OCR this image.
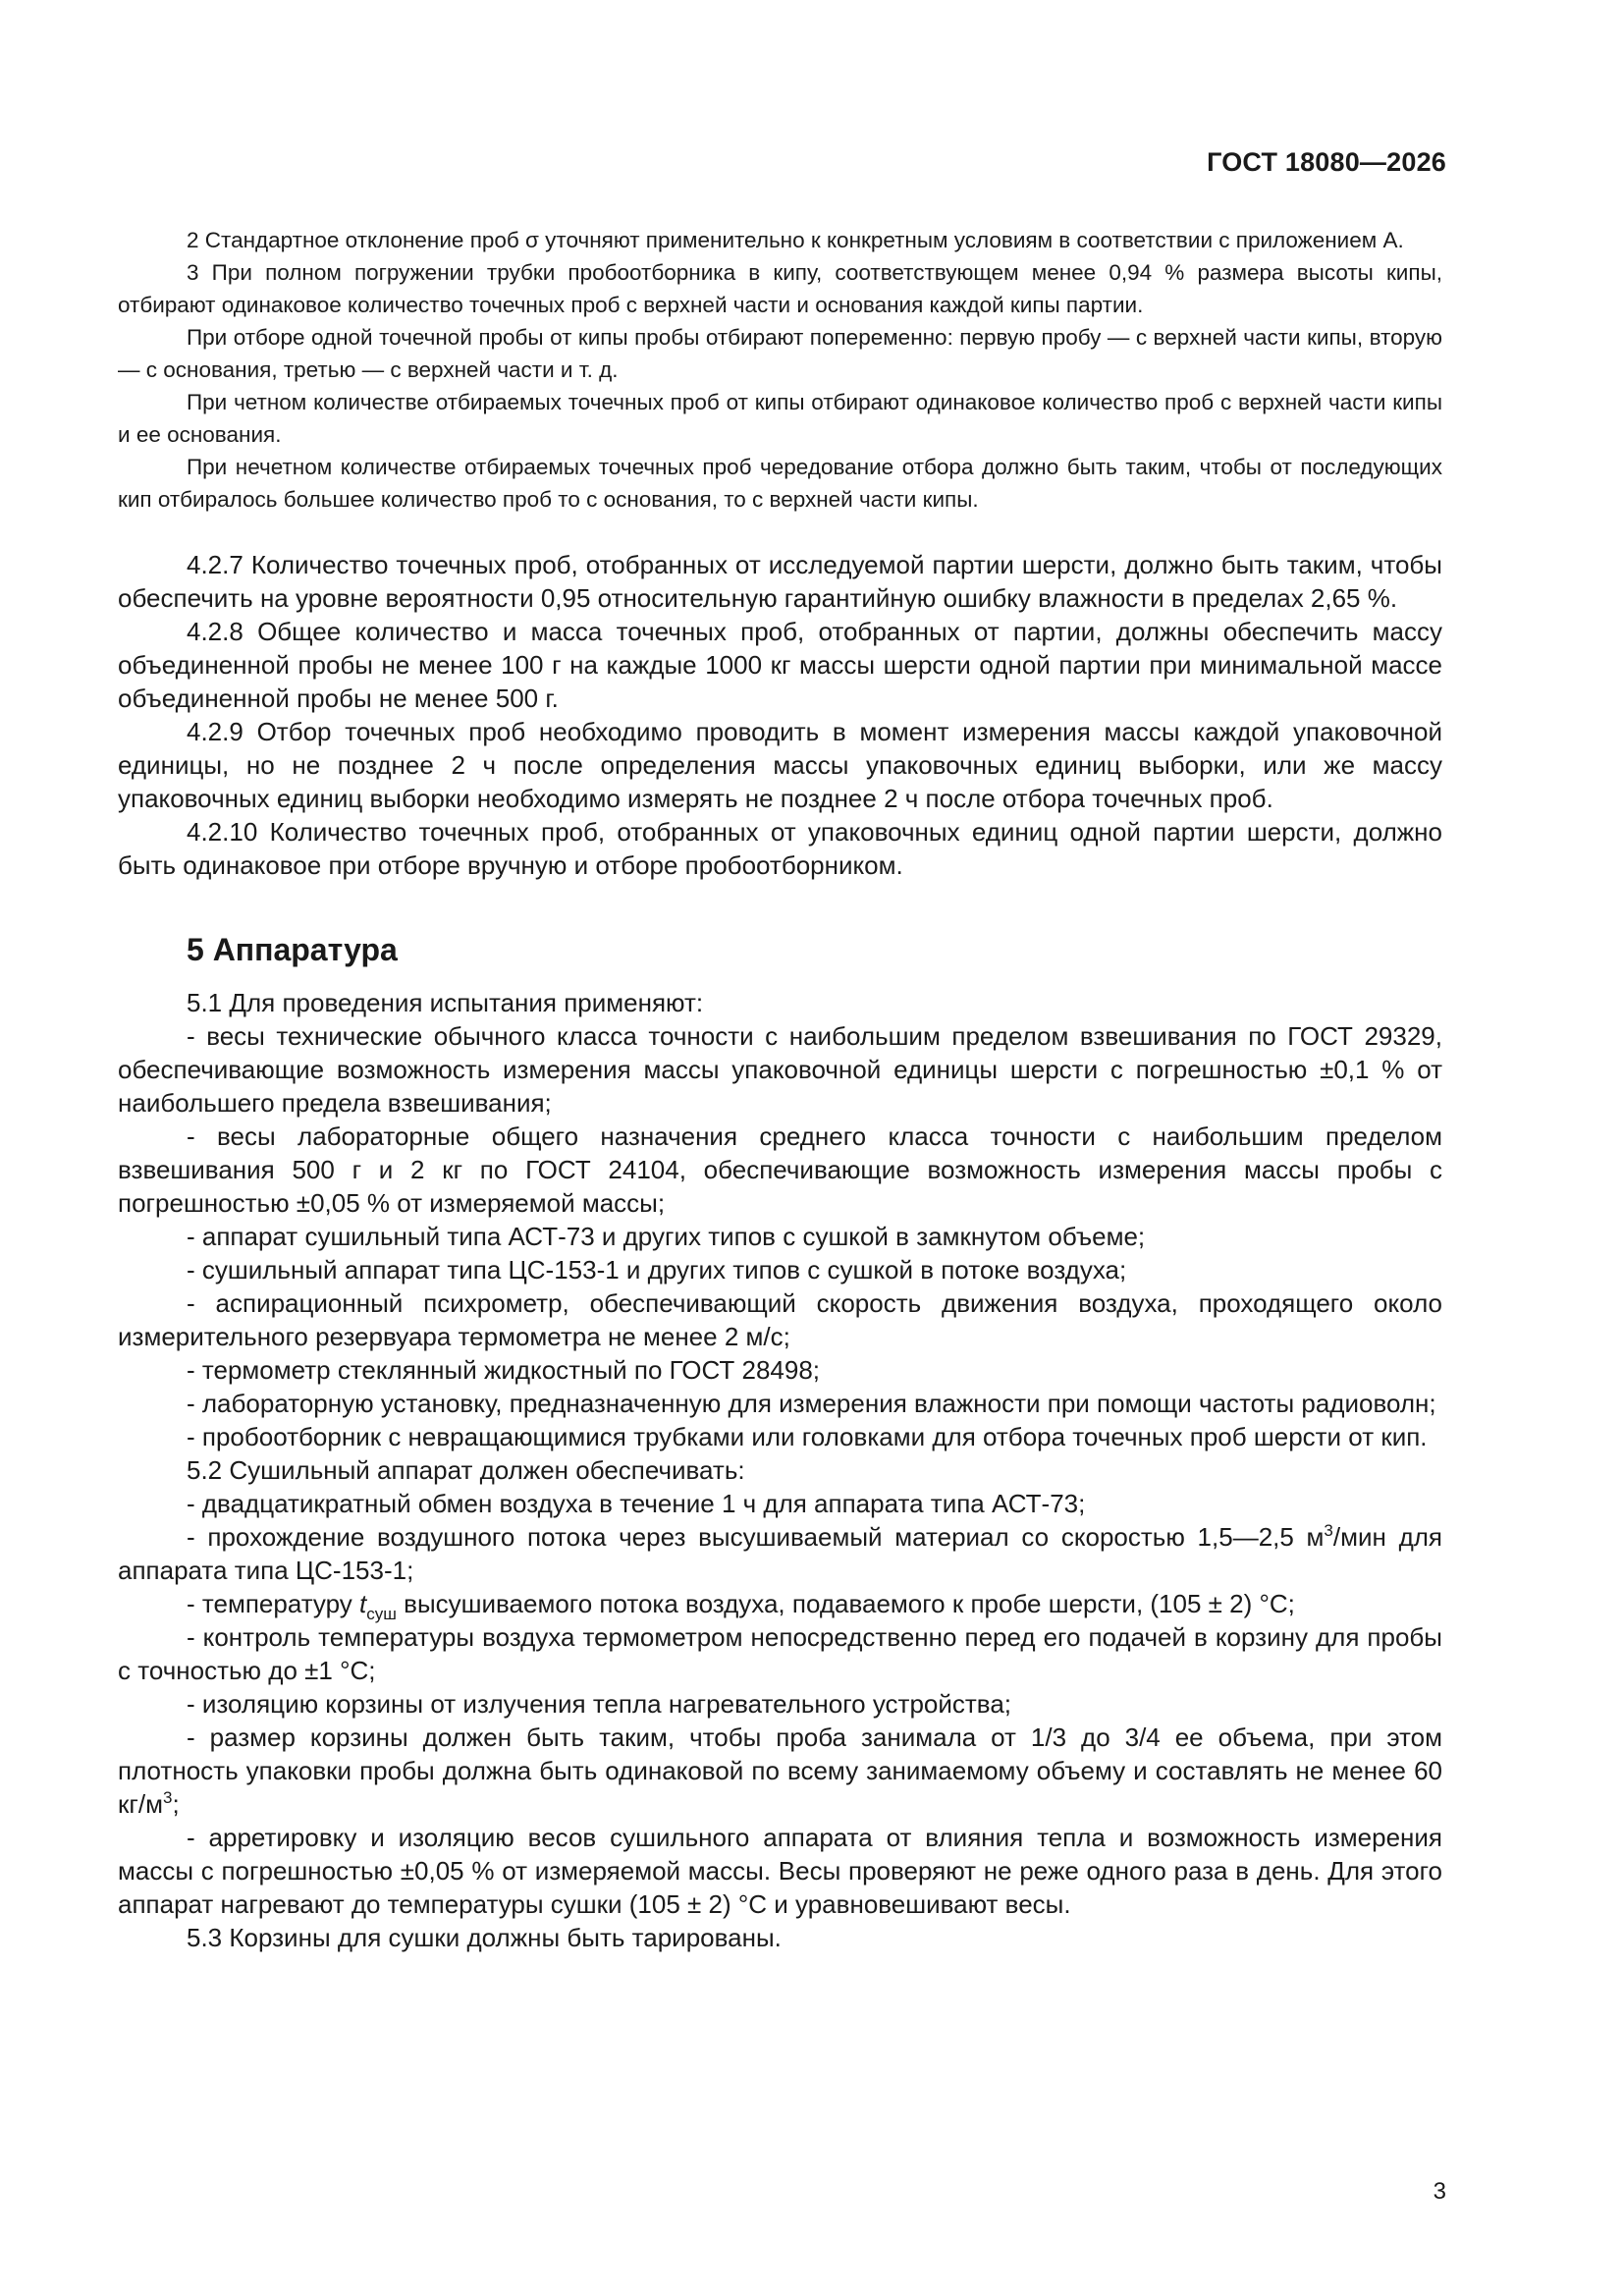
ГОСТ 18080—2026

2 Стандартное отклонение проб σ уточняют применительно к конкретным условиям в соответствии с приложением А.

3 При полном погружении трубки пробоотборника в кипу, соответствующем менее 0,94 % размера высоты кипы, отбирают одинаковое количество точечных проб с верхней части и основания каждой кипы партии.

При отборе одной точечной пробы от кипы пробы отбирают попеременно: первую пробу — с верхней части кипы, вторую — с основания, третью — с верхней части и т. д.

При четном количестве отбираемых точечных проб от кипы отбирают одинаковое количество проб с верхней части кипы и ее основания.

При нечетном количестве отбираемых точечных проб чередование отбора должно быть таким, чтобы от последующих кип отбиралось большее количество проб то с основания, то с верхней части кипы.

4.2.7 Количество точечных проб, отобранных от исследуемой партии шерсти, должно быть таким, чтобы обеспечить на уровне вероятности 0,95 относительную гарантийную ошибку влажности в пределах 2,65 %.

4.2.8 Общее количество и масса точечных проб, отобранных от партии, должны обеспечить массу объединенной пробы не менее 100 г на каждые 1000 кг массы шерсти одной партии при минимальной массе объединенной пробы не менее 500 г.

4.2.9 Отбор точечных проб необходимо проводить в момент измерения массы каждой упаковочной единицы, но не позднее 2 ч после определения массы упаковочных единиц выборки, или же массу упаковочных единиц выборки необходимо измерять не позднее 2 ч после отбора точечных проб.

4.2.10 Количество точечных проб, отобранных от упаковочных единиц одной партии шерсти, должно быть одинаковое при отборе вручную и отборе пробоотборником.

5 Аппаратура

5.1 Для проведения испытания применяют:

- весы технические обычного класса точности с наибольшим пределом взвешивания по ГОСТ 29329, обеспечивающие возможность измерения массы упаковочной единицы шерсти с погрешностью ±0,1 % от наибольшего предела взвешивания;

- весы лабораторные общего назначения среднего класса точности с наибольшим пределом взвешивания 500 г и 2 кг по ГОСТ 24104, обеспечивающие возможность измерения массы пробы с погрешностью ±0,05 % от измеряемой массы;

- аппарат сушильный типа АСТ-73 и других типов с сушкой в замкнутом объеме;

- сушильный аппарат типа ЦС-153-1 и других типов с сушкой в потоке воздуха;

- аспирационный психрометр, обеспечивающий скорость движения воздуха, проходящего около измерительного резервуара термометра не менее 2 м/с;

- термометр стеклянный жидкостный по ГОСТ 28498;

- лабораторную установку, предназначенную для измерения влажности при помощи частоты радиоволн;

- пробоотборник с невращающимися трубками или головками для отбора точечных проб шерсти от кип.

5.2 Сушильный аппарат должен обеспечивать:

- двадцатикратный обмен воздуха в течение 1 ч для аппарата типа АСТ-73;

- прохождение воздушного потока через высушиваемый материал со скоростью 1,5—2,5 $м^3$/мин для аппарата типа ЦС-153-1;

- температуру $t_{суш}$ высушиваемого потока воздуха, подаваемого к пробе шерсти, (105 ± 2) °С;

- контроль температуры воздуха термометром непосредственно перед его подачей в корзину для пробы с точностью до ±1 °С;

- изоляцию корзины от излучения тепла нагревательного устройства;

- размер корзины должен быть таким, чтобы проба занимала от 1/3 до 3/4 ее объема, при этом плотность упаковки пробы должна быть одинаковой по всему занимаемому объему и составлять не менее 60 $кг/м^3$;

- арретировку и изоляцию весов сушильного аппарата от влияния тепла и возможность измерения массы с погрешностью ±0,05 % от измеряемой массы. Весы проверяют не реже одного раза в день. Для этого аппарат нагревают до температуры сушки (105 ± 2) °С и уравновешивают весы.

5.3 Корзины для сушки должны быть тарированы.

3
